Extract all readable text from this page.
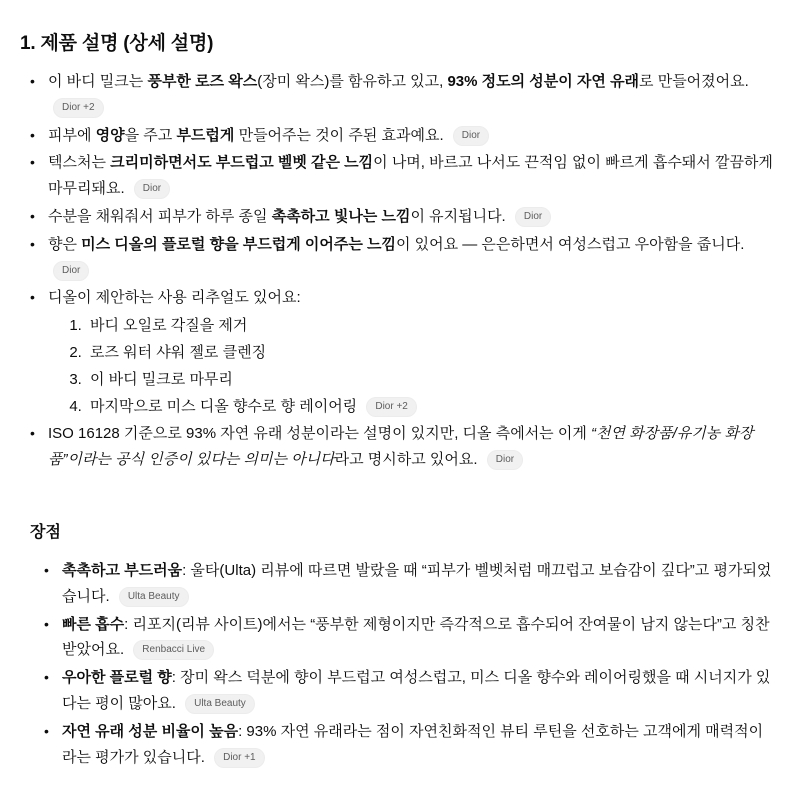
1. 제품 설명 (상세 설명)
• 이 바디 밀크는 풍부한 로즈 왁스(장미 왁스)를 함유하고 있고, 93% 정도의 성분이 자연 유래로 만들어졌어요. Dior +2
• 피부에 영양을 주고 부드럽게 만들어주는 것이 주된 효과예요. Dior
• 텍스처는 크리미하면서도 부드럽고 벨벳 같은 느낌이 나며, 바르고 나서도 끈적임 없이 빠르게 흡수돼서 깔끔하게 마무리돼요. Dior
• 수분을 채워줘서 피부가 하루 종일 촉촉하고 빛나는 느낌이 유지됩니다. Dior
• 향은 미스 디올의 플로럴 향을 부드럽게 이어주는 느낌이 있어요 — 은은하면서 여성스럽고 우아함을 줍니다. Dior
• 디올이 제안하는 사용 리추얼도 있어요:
1. 바디 오일로 각질을 제거
2. 로즈 워터 샤워 젤로 클렌징
3. 이 바디 밀크로 마무리
4. 마지막으로 미스 디올 향수로 향 레이어링 Dior +2
• ISO 16128 기준으로 93% 자연 유래 성분이라는 설명이 있지만, 디올 측에서는 이게 “천연 화장품/유기농 화장품”이라는 공식 인증이 있다는 의미는 아니다라고 명시하고 있어요. Dior
장점
• 촉촉하고 부드러움: 울타(Ulta) 리뷰에 따르면 발랐을 때 “피부가 벨벳처럼 매끄럽고 보습감이 깊다”고 평가되었습니다. Ulta Beauty
• 빠른 흡수: 리포지(리뷰 사이트)에서는 “풍부한 제형이지만 즉각적으로 흡수되어 잔여물이 남지 않는다”고 칭찬받았어요. Renbacci Live
• 우아한 플로럴 향: 장미 왁스 덕분에 향이 부드럽고 여성스럽고, 미스 디올 향수와 레이어링했을 때 시너지가 있다는 평이 많아요. Ulta Beauty
• 자연 유래 성분 비율이 높음: 93% 자연 유래라는 점이 자연친화적인 뷰티 루틴을 선호하는 고객에게 매력적이라는 평가가 있습니다. Dior +1
